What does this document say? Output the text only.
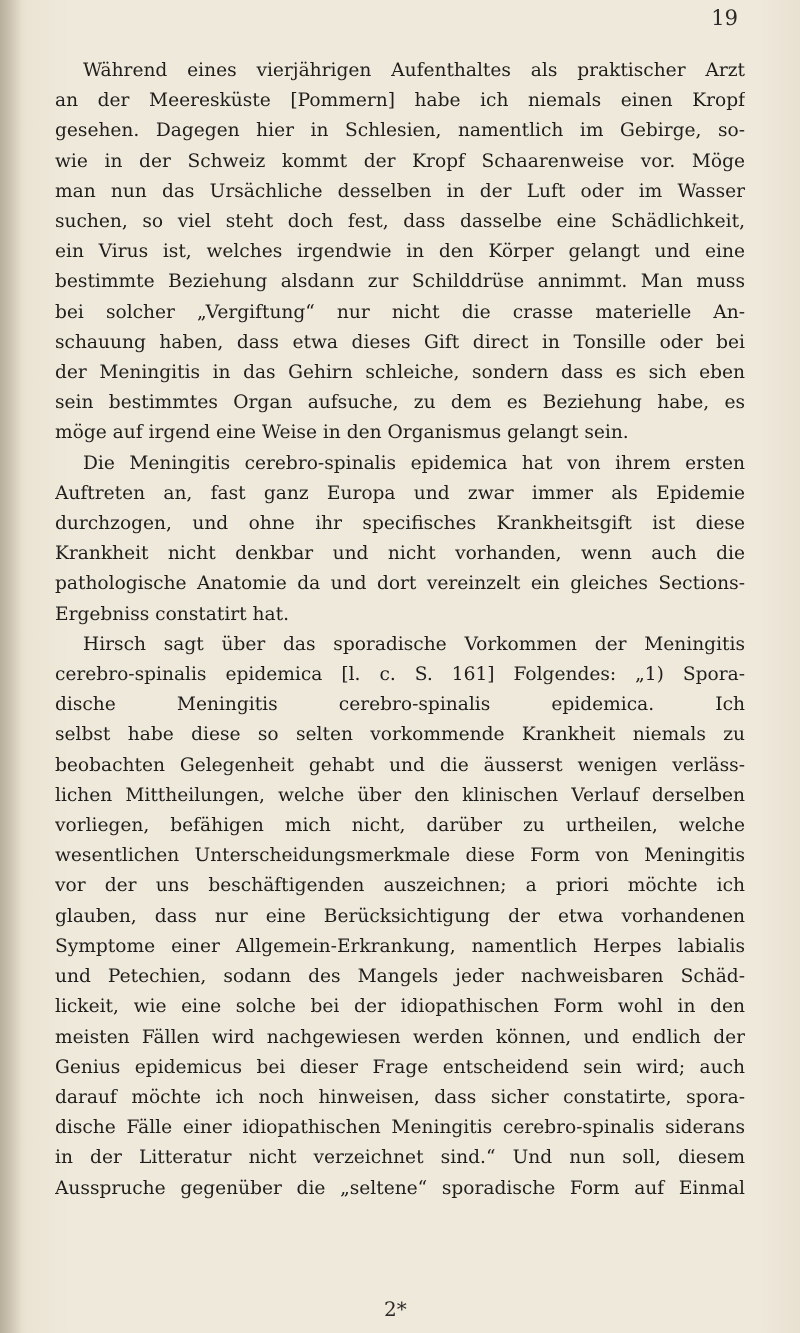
19
Während eines vierjährigen Aufenthaltes als praktischer Arzt
an der Meeresküste [Pommern] habe ich niemals einen Kropf
gesehen. Dagegen hier in Schlesien, namentlich im Gebirge, so-
wie in der Schweiz kommt der Kropf Schaarenweise vor. Möge
man nun das Ursächliche desselben in der Luft oder im Wasser
suchen, so viel steht doch fest, dass dasselbe eine Schädlichkeit,
ein Virus ist, welches irgendwie in den Körper gelangt und eine
bestimmte Beziehung alsdann zur Schilddrüse annimmt. Man muss
bei solcher „Vergiftung“ nur nicht die crasse materielle An-
schauung haben, dass etwa dieses Gift direct in Tonsille oder bei
der Meningitis in das Gehirn schleiche, sondern dass es sich eben
sein bestimmtes Organ aufsuche, zu dem es Beziehung habe, es
möge auf irgend eine Weise in den Organismus gelangt sein.
Die Meningitis cerebro-spinalis epidemica hat von ihrem ersten
Auftreten an, fast ganz Europa und zwar immer als Epidemie
durchzogen, und ohne ihr specifisches Krankheitsgift ist diese
Krankheit nicht denkbar und nicht vorhanden, wenn auch die
pathologische Anatomie da und dort vereinzelt ein gleiches Sections-
Ergebniss constatirt hat.
Hirsch sagt über das sporadische Vorkommen der Meningitis
cerebro-spinalis epidemica [l. c. S. 161] Folgendes: „1) Spora-
dische Meningitis cerebro-spinalis epidemica. Ich
selbst habe diese so selten vorkommende Krankheit niemals zu
beobachten Gelegenheit gehabt und die äusserst wenigen verläss-
lichen Mittheilungen, welche über den klinischen Verlauf derselben
vorliegen, befähigen mich nicht, darüber zu urtheilen, welche
wesentlichen Unterscheidungsmerkmale diese Form von Meningitis
vor der uns beschäftigenden auszeichnen; a priori möchte ich
glauben, dass nur eine Berücksichtigung der etwa vorhandenen
Symptome einer Allgemein-Erkrankung, namentlich Herpes labialis
und Petechien, sodann des Mangels jeder nachweisbaren Schäd-
lickeit, wie eine solche bei der idiopathischen Form wohl in den
meisten Fällen wird nachgewiesen werden können, und endlich der
Genius epidemicus bei dieser Frage entscheidend sein wird; auch
darauf möchte ich noch hinweisen, dass sicher constatirte, spora-
dische Fälle einer idiopathischen Meningitis cerebro-spinalis siderans
in der Litteratur nicht verzeichnet sind.“ Und nun soll, diesem
Ausspruche gegenüber die „seltene“ sporadische Form auf Einmal
2*
